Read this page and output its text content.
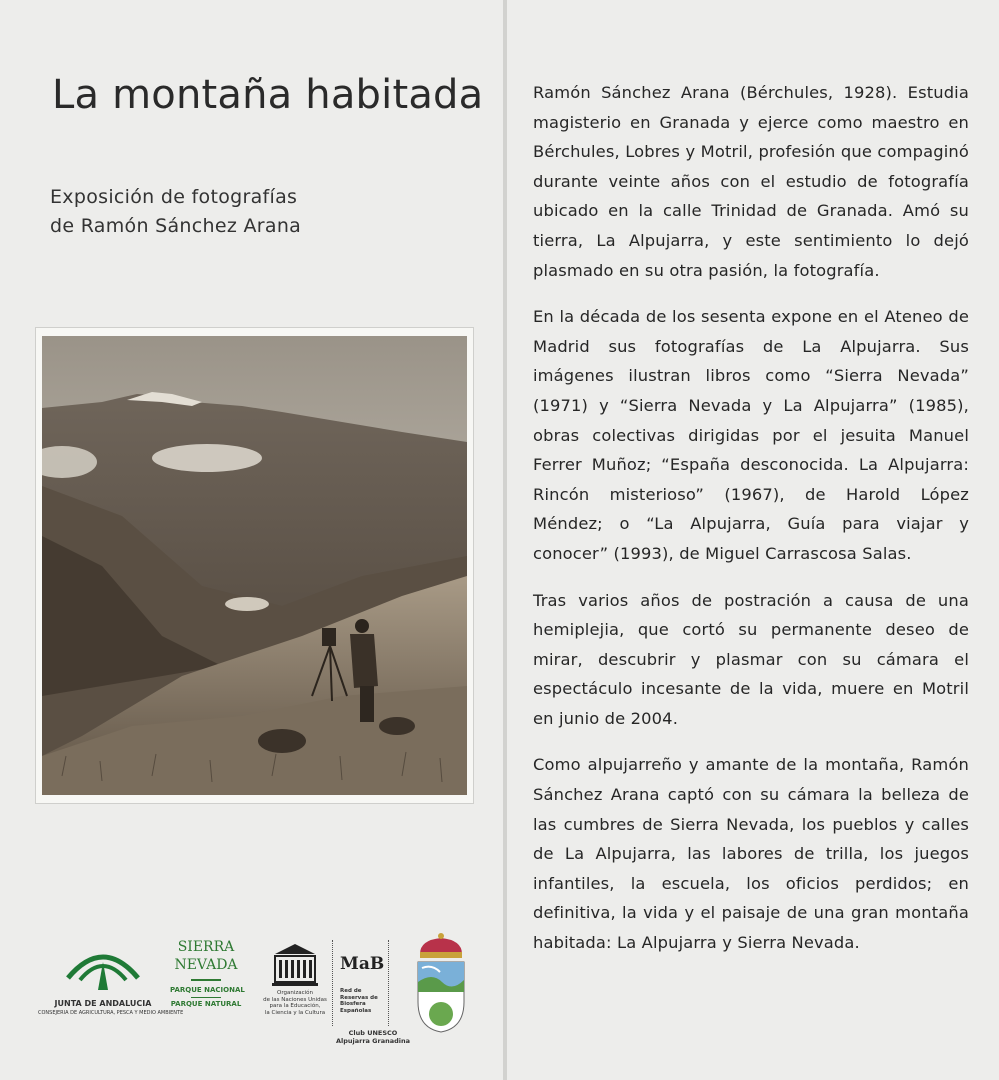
La montaña habitada
Exposición de fotografías
de Ramón Sánchez Arana
JUNTA DE ANDALUCIA
CONSEJERIA DE AGRICULTURA, PESCA Y MEDIO AMBIENTE
SIERRA
NEVADA
PARQUE NACIONAL
PARQUE NATURAL
Organización
de las Naciones Unidas
para la Educación,
la Ciencia y la Cultura
MaB
Red de
Reservas de
Biosfera
Españolas
Club UNESCO
Alpujarra Granadina

Ramón Sánchez Arana (Bérchules, 1928). Estudia magisterio en Granada y ejerce como maestro en Bérchules, Lobres y Motril, profesión que compaginó durante veinte años con el estudio de fotografía ubicado en la calle Trinidad de Granada. Amó su tierra, La Alpujarra, y este sentimiento lo dejó plasmado en su otra pasión, la fotografía.

En la década de los sesenta expone en el Ateneo de Madrid sus fotografías de La Alpujarra. Sus imágenes ilustran libros como “Sierra Nevada” (1971) y “Sierra Nevada y La Alpujarra” (1985), obras colectivas dirigidas por el jesuita Manuel Ferrer Muñoz; “España desconocida. La Alpujarra: Rincón misterioso” (1967), de Harold López Méndez; o “La Alpujarra, Guía para viajar y conocer” (1993), de Miguel Carrascosa Salas.

Tras varios años de postración a causa de una hemiplejia, que cortó su permanente deseo de mirar, descubrir y plasmar con su cámara el espectáculo incesante de la vida, muere en Motril en junio de 2004.

Como alpujarreño y amante de la montaña, Ramón Sánchez Arana captó con su cámara la belleza de las cumbres de Sierra Nevada, los pueblos y calles de La Alpujarra, las labores de trilla, los juegos infantiles, la escuela, los oficios perdidos; en definitiva, la vida y el paisaje de una gran montaña habitada: La Alpujarra y Sierra Nevada.
